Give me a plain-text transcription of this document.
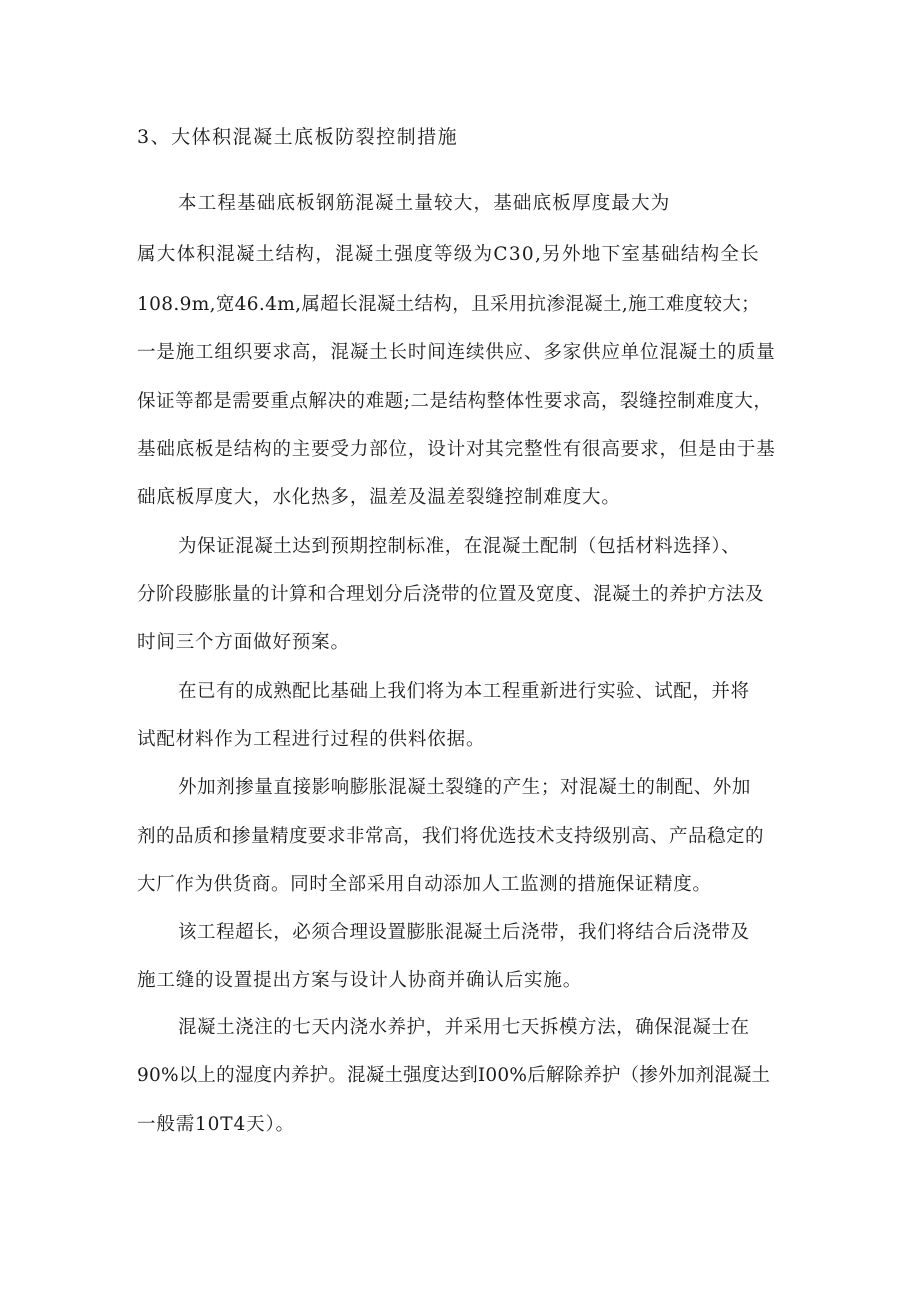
3、大体积混凝土底板防裂控制措施
本工程基础底板钢筋混凝土量较大，基础底板厚度最大为
属大体积混凝土结构，混凝土强度等级为C30,另外地下室基础结构全长
108.9m,宽46.4m,属超长混凝土结构，且采用抗渗混凝土,施工难度较大；
一是施工组织要求高，混凝土长时间连续供应、多家供应单位混凝土的质量
保证等都是需要重点解决的难题;二是结构整体性要求高，裂缝控制难度大，
基础底板是结构的主要受力部位，设计对其完整性有很高要求，但是由于基
础底板厚度大，水化热多，温差及温差裂缝控制难度大。
为保证混凝土达到预期控制标准，在混凝土配制（包括材料选择）、
分阶段膨胀量的计算和合理划分后浇带的位置及宽度、混凝土的养护方法及
时间三个方面做好预案。
在已有的成熟配比基础上我们将为本工程重新进行实验、试配，并将
试配材料作为工程进行过程的供料依据。
外加剂掺量直接影响膨胀混凝土裂缝的产生；对混凝土的制配、外加
剂的品质和掺量精度要求非常高，我们将优选技术支持级别高、产品稳定的
大厂作为供货商。同时全部采用自动添加人工监测的措施保证精度。
该工程超长，必须合理设置膨胀混凝土后浇带，我们将结合后浇带及
施工缝的设置提出方案与设计人协商并确认后实施。
混凝土浇注的七天内浇水养护，并采用七天拆模方法，确保混凝士在
90%以上的湿度内养护。混凝土强度达到I00%后解除养护（掺外加剂混凝土
一般需10T4天）。
